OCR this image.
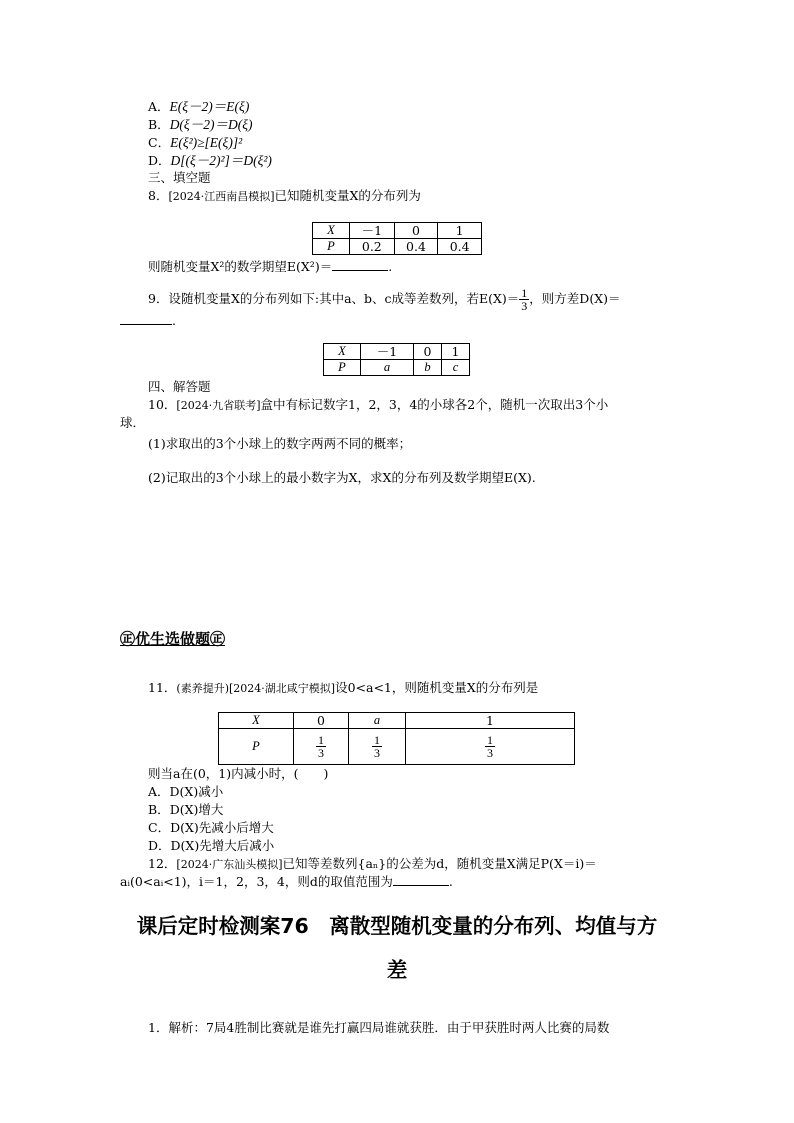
A．E(ξ－2)＝E(ξ)
B．D(ξ－2)＝D(ξ)
C．E(ξ²)≥[E(ξ)]²
D．D[(ξ－2)²]＝D(ξ²)
三、填空题
8．[2024·江西南昌模拟]已知随机变量X的分布列为
X	－1	0	1
P	0.2	0.4	0.4
则随机变量X²的数学期望E(X²)＝	.
9．设随机变量X的分布列如下:其中a、b、c成等差数列，若$E(X)= \frac{1}{3}$ ，则方差D(X)＝
.
X	－1	0	1
P	a	b	c
四、解答题
10．[2024·九省联考]盒中有标记数字1，2，3，4的小球各2个，随机一次取出3个小
球．
(1)求取出的3个小球上的数字两两不同的概率；
(2)记取出的3个小球上的最小数字为X，求X的分布列及数学期望E(X).
㊣优生选做题㊣
11．(素养提升)[2024·湖北咸宁模拟]设0<a<1，则随机变量X的分布列是
X	0	a	1
P	$\frac{1}{3}$	$\frac{1}{3}$	$\frac{1}{3}$
则当a在(0，1)内减小时，(　　)
A．D(X)减小
B．D(X)增大
C．D(X)先减小后增大
D．D(X)先增大后减小
12．[2024·广东汕头模拟]已知等差数列{aₙ}的公差为d，随机变量X满足P(X＝i)＝
aᵢ(0<aᵢ<1)，i＝1，2，3，4，则d的取值范围为	.
课后定时检测案76　离散型随机变量的分布列、均值与方
差
1．解析：7局4胜制比赛就是谁先打赢四局谁就获胜．由于甲获胜时两人比赛的局数
